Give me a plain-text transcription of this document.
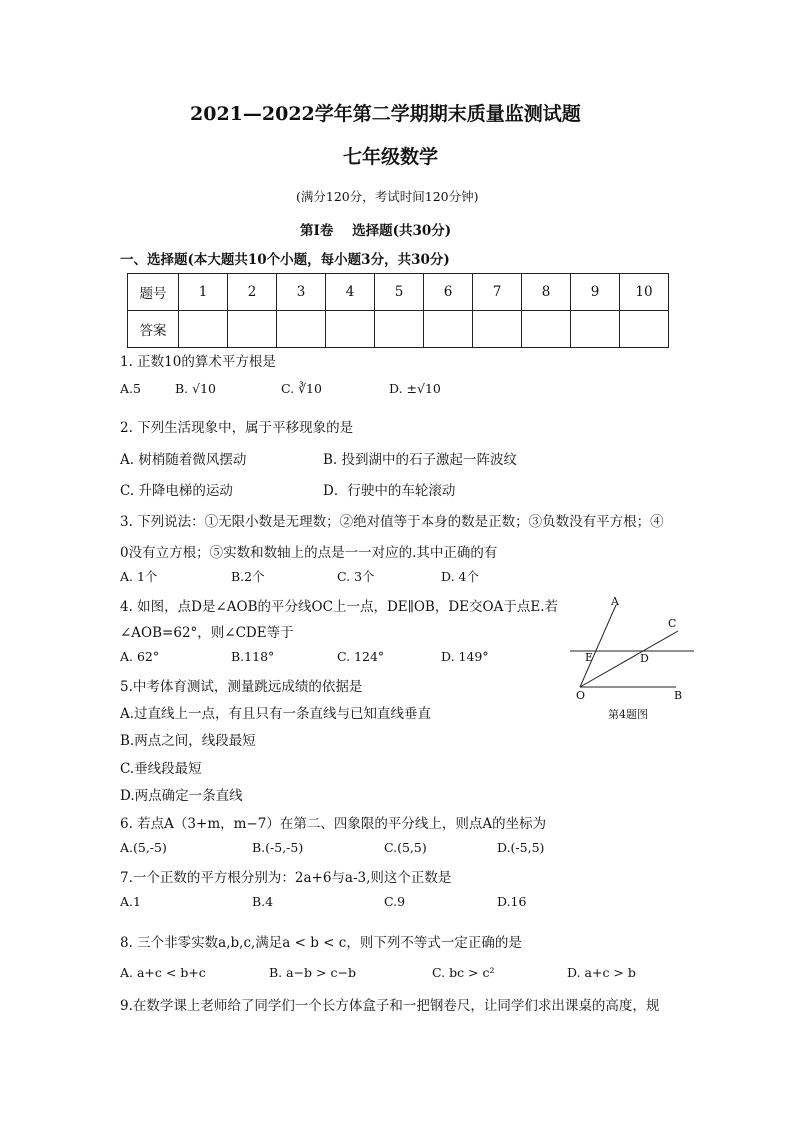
2021—2022学年第二学期期末质量监测试题
七年级数学
(满分120分，考试时间120分钟)
第Ⅰ卷    选择题(共30分)
一、选择题(本大题共10个小题，每小题3分，共30分)
题号	1	2	3	4	5	6	7	8	9	10
答案										
1. 正数10的算术平方根是
A.5	B. √10	C. ∛10	D. ±√10
2. 下列生活现象中，属于平移现象的是
A. 树梢随着微风摆动	B. 投到湖中的石子激起一阵波纹
C. 升降电梯的运动	D．行驶中的车轮滚动
3. 下列说法：①无限小数是无理数；②绝对值等于本身的数是正数；③负数没有平方根；④
0没有立方根；⑤实数和数轴上的点是一一对应的.其中正确的有
A. 1个	B.2个	C. 3个	D. 4个
4. 如图，点D是∠AOB的平分线OC上一点，DE∥OB，DE交OA于点E.若
∠AOB=62°，则∠CDE等于
A. 62°	B.118°	C. 124°	D. 149°
A
C
E	D
O	B
第4题图
5.中考体育测试，测量跳远成绩的依据是
A.过直线上一点，有且只有一条直线与已知直线垂直
B.两点之间，线段最短
C.垂线段最短
D.两点确定一条直线
6. 若点A（3+m，m−7）在第二、四象限的平分线上，则点A的坐标为
A.(5,-5)	B.(-5,-5)	C.(5,5)	D.(-5,5)
7.一个正数的平方根分别为：2a+6与a-3,则这个正数是
A.1	B.4	C.9	D.16
8. 三个非零实数a,b,c,满足a < b < c，则下列不等式一定正确的是
A. a+c < b+c	B. a−b > c−b	C. bc > c²	D. a+c > b
9.在数学课上老师给了同学们一个长方体盒子和一把钢卷尺，让同学们求出课桌的高度，规
